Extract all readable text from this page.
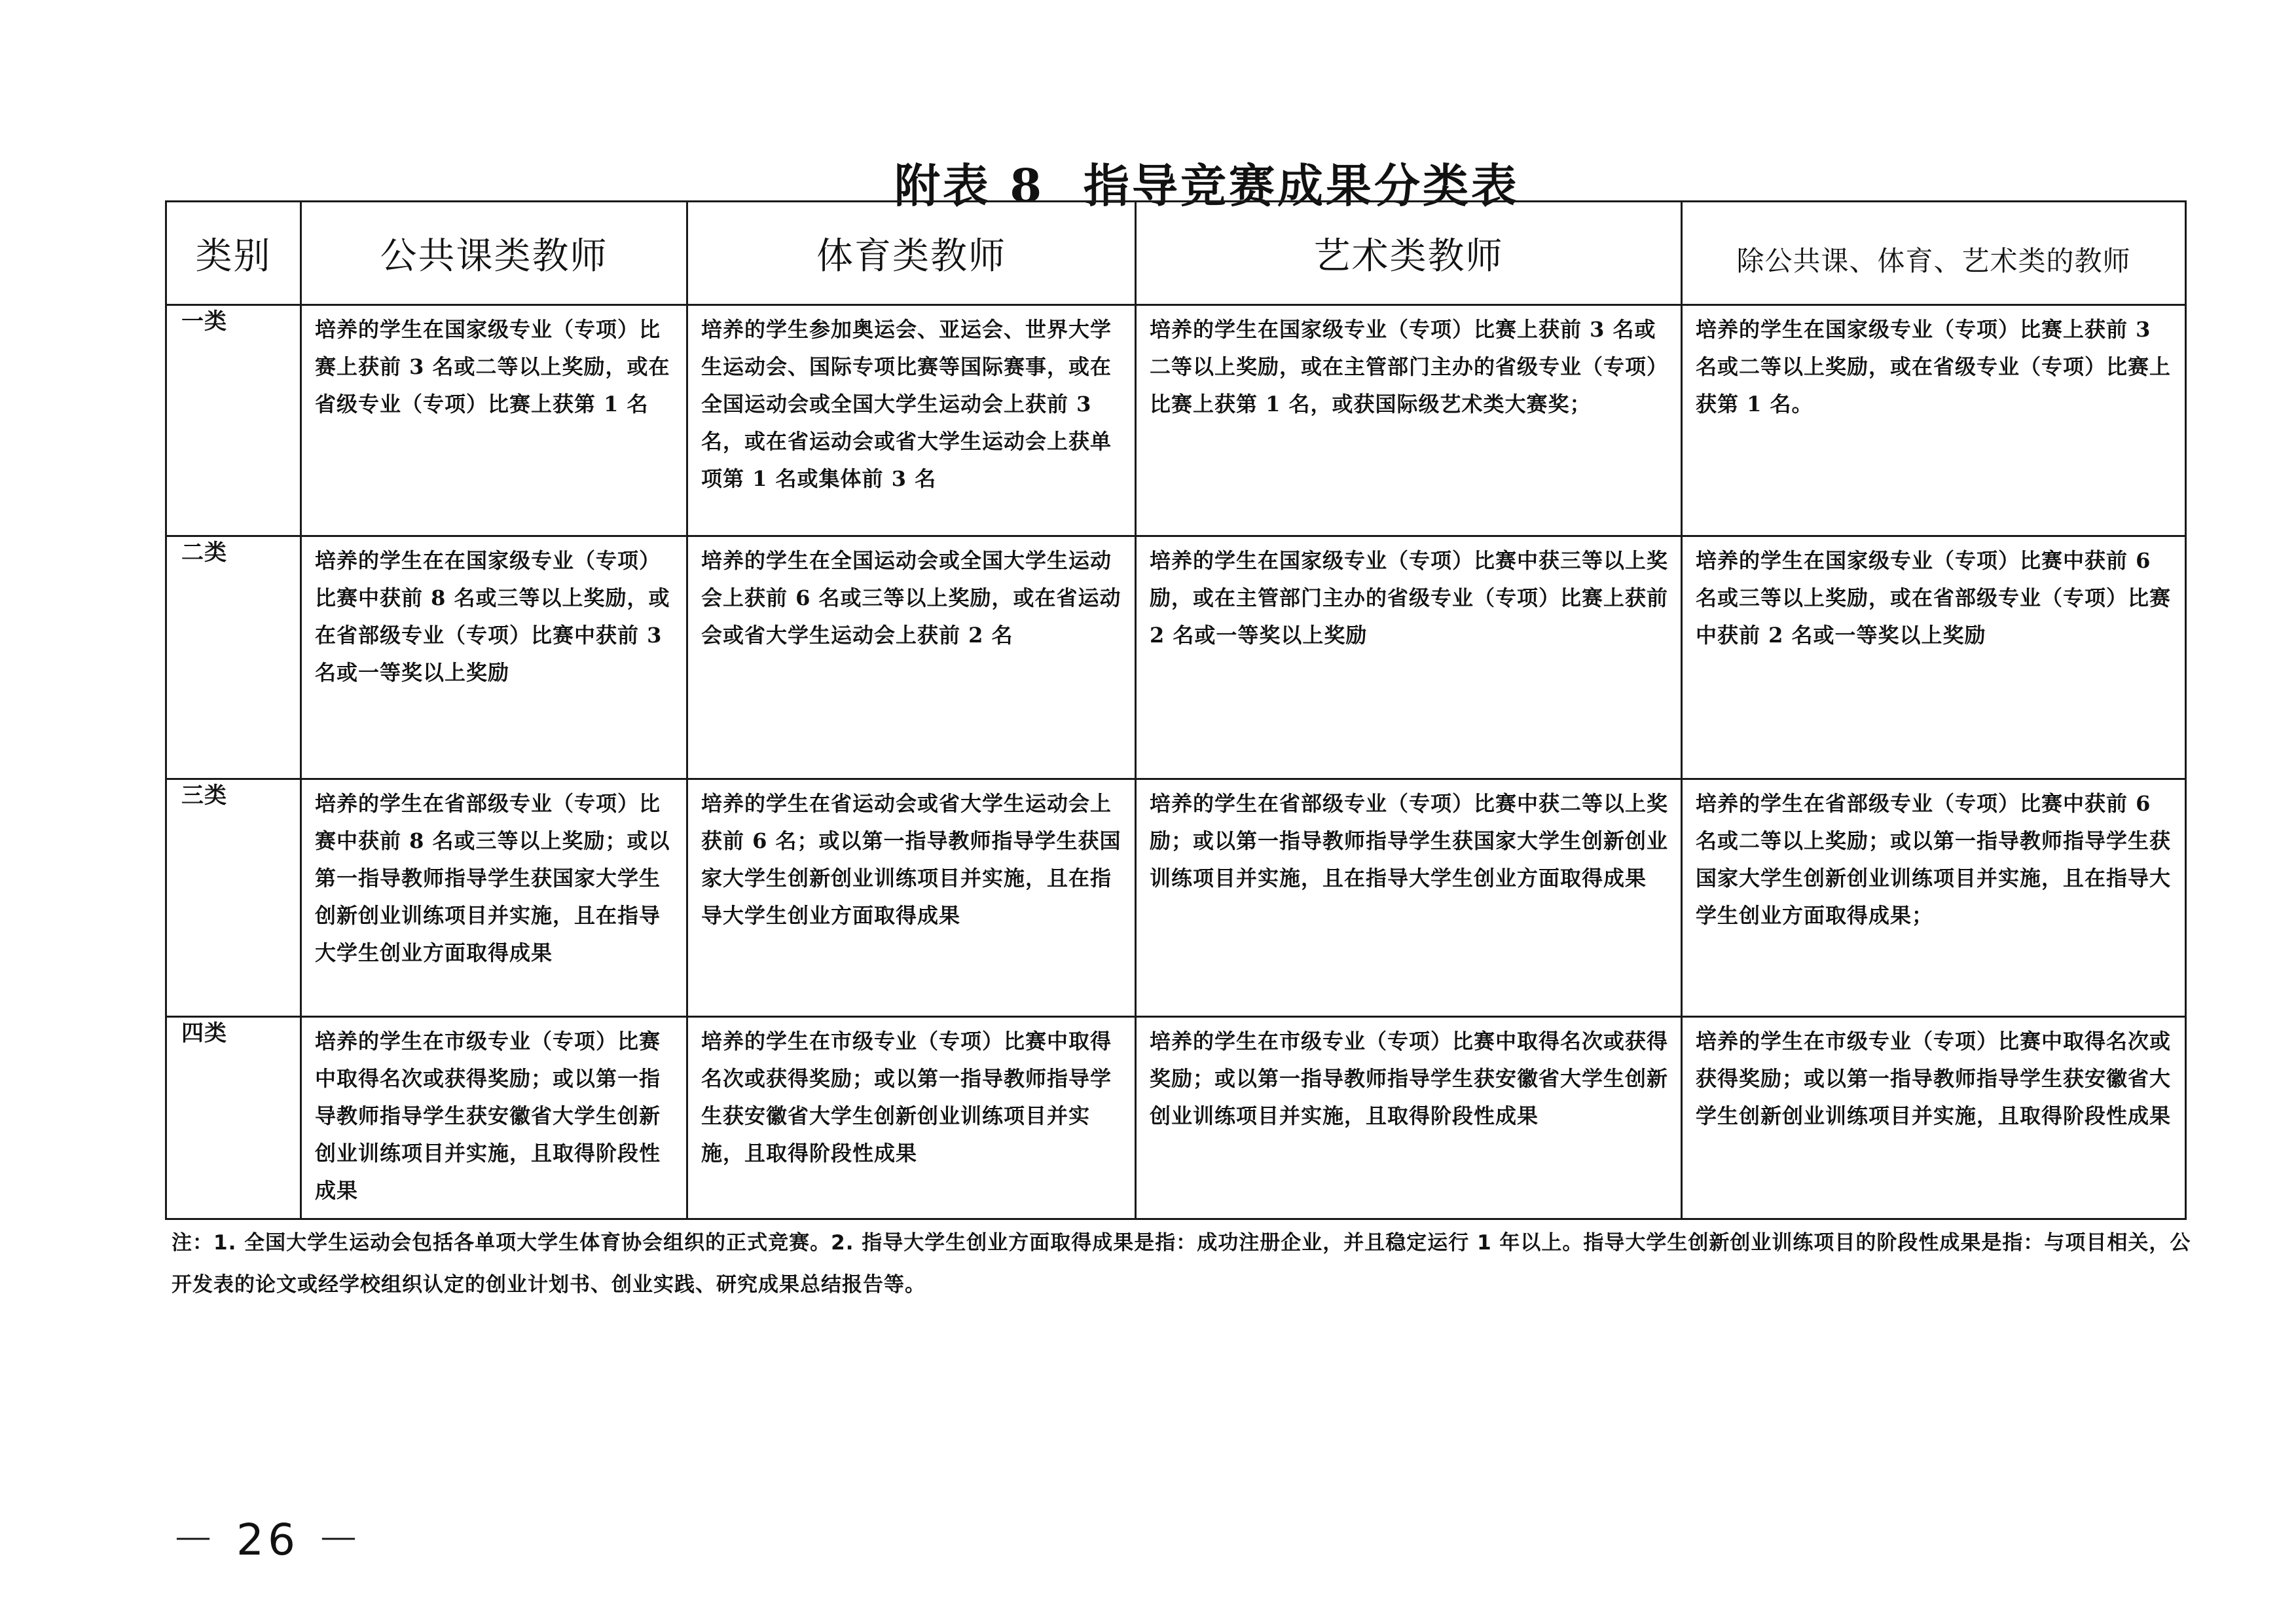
附表 8 指导竞赛成果分类表
类别	公共课类教师	体育类教师	艺术类教师	除公共课、体育、艺术类的教师
一类	培养的学生在国家级专业（专项）比赛上获前 3 名或二等以上奖励，或在省级专业（专项）比赛上获第 1 名	培养的学生参加奥运会、亚运会、世界大学生运动会、国际专项比赛等国际赛事，或在全国运动会或全国大学生运动会上获前 3 名，或在省运动会或省大学生运动会上获单项第 1 名或集体前 3 名	培养的学生在国家级专业（专项）比赛上获前 3 名或二等以上奖励，或在主管部门主办的省级专业（专项）比赛上获第 1 名，或获国际级艺术类大赛奖；	培养的学生在国家级专业（专项）比赛上获前 3 名或二等以上奖励，或在省级专业（专项）比赛上获第 1 名。
二类	培养的学生在在国家级专业（专项）比赛中获前 8 名或三等以上奖励，或在省部级专业（专项）比赛中获前 3 名或一等奖以上奖励	培养的学生在全国运动会或全国大学生运动会上获前 6 名或三等以上奖励，或在省运动会或省大学生运动会上获前 2 名	培养的学生在国家级专业（专项）比赛中获三等以上奖励，或在主管部门主办的省级专业（专项）比赛上获前 2 名或一等奖以上奖励	培养的学生在国家级专业（专项）比赛中获前 6 名或三等以上奖励，或在省部级专业（专项）比赛中获前 2 名或一等奖以上奖励
三类	培养的学生在省部级专业（专项）比赛中获前 8 名或三等以上奖励；或以第一指导教师指导学生获国家大学生创新创业训练项目并实施，且在指导大学生创业方面取得成果	培养的学生在省运动会或省大学生运动会上获前 6 名；或以第一指导教师指导学生获国家大学生创新创业训练项目并实施，且在指导大学生创业方面取得成果	培养的学生在省部级专业（专项）比赛中获二等以上奖励；或以第一指导教师指导学生获国家大学生创新创业训练项目并实施，且在指导大学生创业方面取得成果	培养的学生在省部级专业（专项）比赛中获前 6 名或二等以上奖励；或以第一指导教师指导学生获国家大学生创新创业训练项目并实施，且在指导大学生创业方面取得成果；
四类	培养的学生在市级专业（专项）比赛中取得名次或获得奖励；或以第一指导教师指导学生获安徽省大学生创新创业训练项目并实施，且取得阶段性成果	培养的学生在市级专业（专项）比赛中取得名次或获得奖励；或以第一指导教师指导学生获安徽省大学生创新创业训练项目并实施，且取得阶段性成果	培养的学生在市级专业（专项）比赛中取得名次或获得奖励；或以第一指导教师指导学生获安徽省大学生创新创业训练项目并实施，且取得阶段性成果	培养的学生在市级专业（专项）比赛中取得名次或获得奖励；或以第一指导教师指导学生获安徽省大学生创新创业训练项目并实施，且取得阶段性成果
注：1. 全国大学生运动会包括各单项大学生体育协会组织的正式竞赛。2. 指导大学生创业方面取得成果是指：成功注册企业，并且稳定运行 1 年以上。指导大学生创新创业训练项目的阶段性成果是指：与项目相关，公开发表的论文或经学校组织认定的创业计划书、创业实践、研究成果总结报告等。
－ 26 －
